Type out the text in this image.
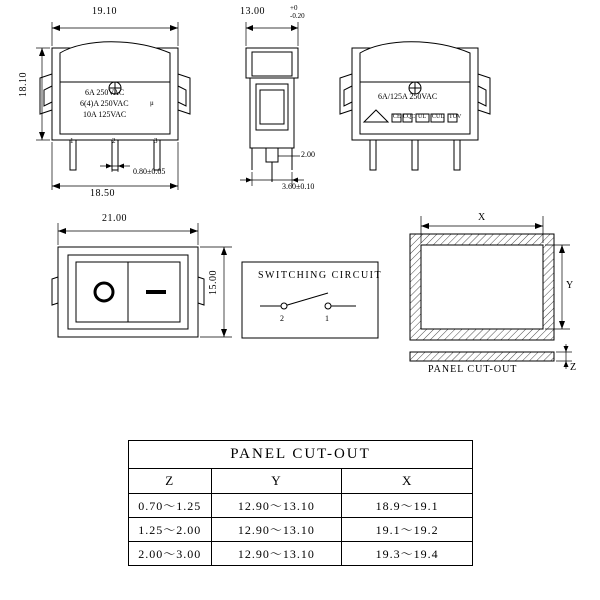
19.10
18.10
18.50
0.80±0.05
6A 250VAC
6(4)A 250VAC	μ
10A 125VAC
1	2	3
13.00	+0
-0.20
2.00
3.60±0.10
6A/125A 250VAC
CE CQC UL CUL TUV
21.00
15.00	SWITCHING CIRCUIT
2	1
X
Y
Z
PANEL CUT-OUT
PANEL CUT-OUT		
Z	Y	X
0.70～1.25	12.90～13.10	18.9～19.1
1.25～2.00	12.90～13.10	19.1～19.2
2.00～3.00	12.90～13.10	19.3～19.4
